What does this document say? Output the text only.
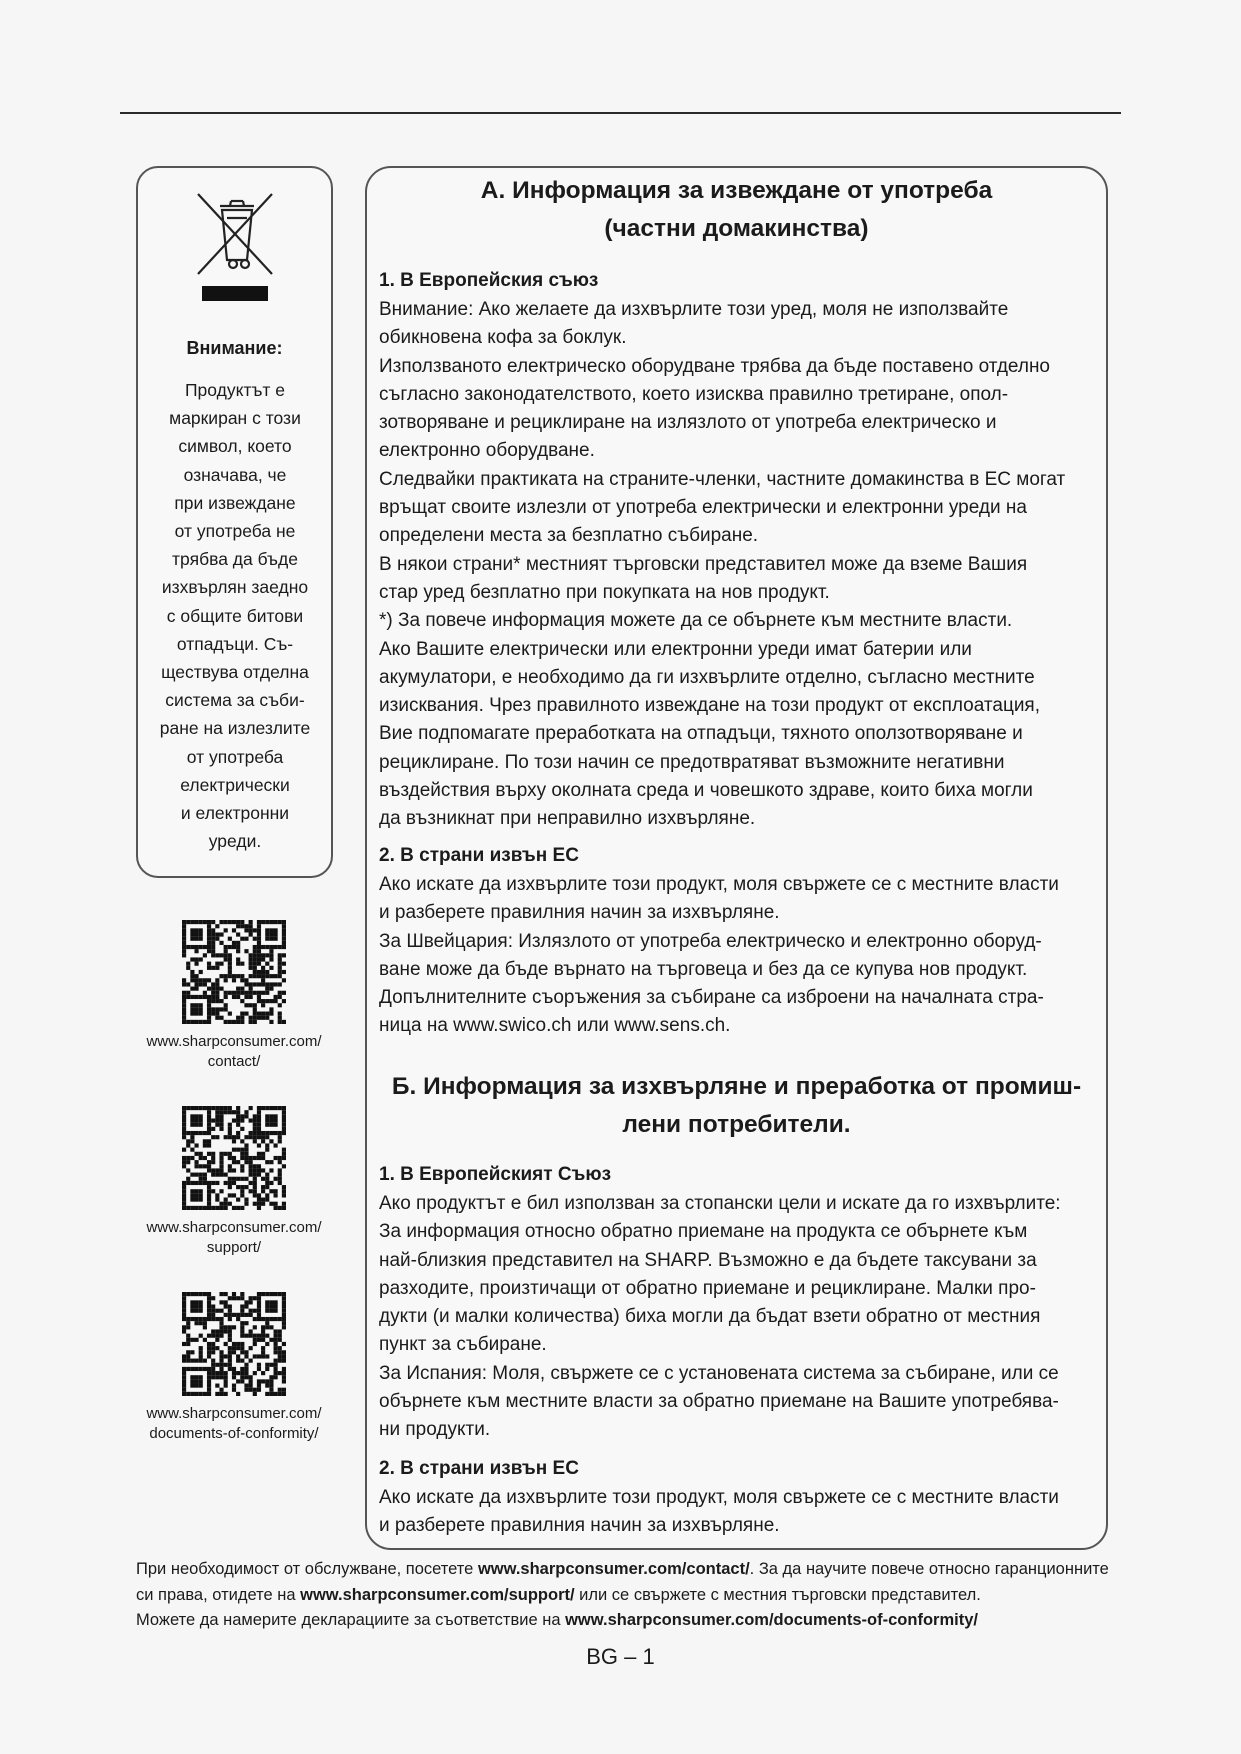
Внимание:
Продуктът е
маркиран с този
символ, което
означава, че
при извеждане
от употреба не
трябва да бъде
изхвърлян заедно
с общите битови
отпадъци. Съ-
ществува отделна
система за съби-
ране на излезлите
от употреба
електрически
и електронни
уреди.
www.sharpconsumer.com/
contact/
www.sharpconsumer.com/
support/
www.sharpconsumer.com/
documents-of-conformity/
А. Информация за извеждане от употреба
(частни домакинства)
1. В Европейския съюз
Внимание: Ако желаете да изхвърлите този уред, моля не използвайте
обикновена кофа за боклук.
Използваното електрическо оборудване трябва да бъде поставено отделно
съгласно законодателството, което изисква правилно третиране, опол-
зотворяване и рециклиране на излязлото от употреба електрическо и
електронно оборудване.
Следвайки практиката на страните-членки, частните домакинства в ЕС могат
връщат своите излезли от употреба електрически и електронни уреди на
определени места за безплатно събиране.
В някои страни* местният търговски представител може да вземе Вашия
стар уред безплатно при покупката на нов продукт.
*) За повече информация можете да се обърнете към местните власти.
Ако Вашите електрически или електронни уреди имат батерии или
акумулатори, е необходимо да ги изхвърлите отделно, съгласно местните
изисквания. Чрез правилното извеждане на този продукт от експлоатация,
Вие подпомагате преработката на отпадъци, тяхното оползотворяване и
рециклиране. По този начин се предотвратяват възможните негативни
въздействия върху околната среда и човешкото здраве, които биха могли
да възникнат при неправилно изхвърляне.
2. В страни извън ЕС
Ако искате да изхвърлите този продукт, моля свържете се с местните власти
и разберете правилния начин за изхвърляне.
За Швейцария: Излязлото от употреба електрическо и електронно оборуд-
ване може да бъде върнато на търговеца и без да се купува нов продукт.
Допълнителните съоръжения за събиране са изброени на началната стра-
ница на www.swico.ch или www.sens.ch.
Б. Информация за изхвърляне и преработка от промиш-
лени потребители.
1. В Европейският Съюз
Ако продуктът е бил използван за стопански цели и искате да го изхвърлите:
За информация относно обратно приемане на продукта се обърнете към
най-близкия представител на SHARP. Възможно е да бъдете таксувани за
разходите, произтичащи от обратно приемане и рециклиране. Малки про-
дукти (и малки количества) биха могли да бъдат взети обратно от местния
пункт за събиране.
За Испания: Моля, свържете се с установената система за събиране, или се
обърнете към местните власти за обратно приемане на Вашите употребява-
ни продукти.
2. В страни извън ЕС
Ако искате да изхвърлите този продукт, моля свържете се с местните власти
и разберете правилния начин за изхвърляне.

При необходимост от обслужване, посетете www.sharpconsumer.com/contact/. За да научите повече относно гаранционните си права, отидете на www.sharpconsumer.com/support/ или се свържете с местния търговски представител.

Можете да намерите декларациите за съответствие на www.sharpconsumer.com/documents-of-conformity/

BG – 1
